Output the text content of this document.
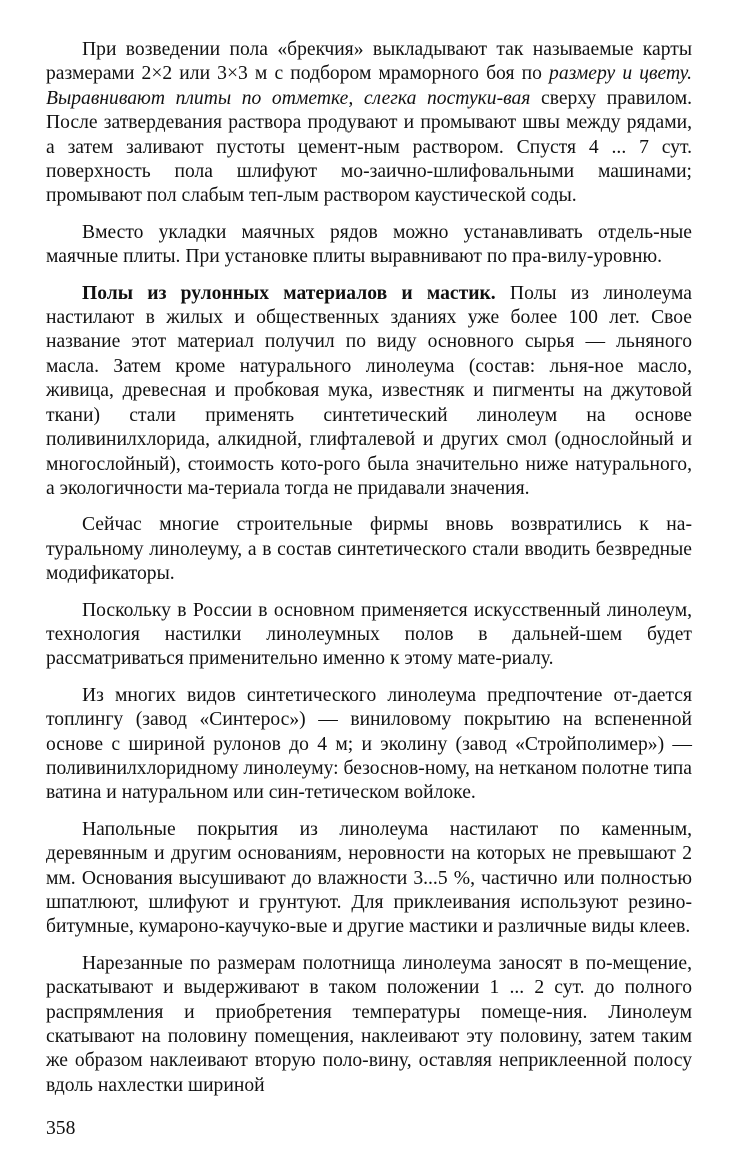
При возведении пола «брекчия» выкладывают так называемые карты размерами 2×2 или 3×3 м с подбором мраморного боя по размеру и цвету. Выравнивают плиты по отметке, слегка постуки-вая сверху правилом. После затвердевания раствора продувают и промывают швы между рядами, а затем заливают пустоты цемент-ным раствором. Спустя 4 ... 7 сут. поверхность пола шлифуют мо-заично-шлифовальными машинами; промывают пол слабым теп-лым раствором каустической соды.

Вместо укладки маячных рядов можно устанавливать отдель-ные маячные плиты. При установке плиты выравнивают по пра-вилу-уровню.

Полы из рулонных материалов и мастик. Полы из линолеума настилают в жилых и общественных зданиях уже более 100 лет. Свое название этот материал получил по виду основного сырья — льняного масла. Затем кроме натурального линолеума (состав: льня-ное масло, живица, древесная и пробковая мука, известняк и пигменты на джутовой ткани) стали применять синтетический линолеум на основе поливинилхлорида, алкидной, глифталевой и других смол (однослойный и многослойный), стоимость кото-рого была значительно ниже натурального, а экологичности ма-териала тогда не придавали значения.

Сейчас многие строительные фирмы вновь возвратились к на-туральному линолеуму, а в состав синтетического стали вводить безвредные модификаторы.

Поскольку в России в основном применяется искусственный линолеум, технология настилки линолеумных полов в дальней-шем будет рассматриваться применительно именно к этому мате-риалу.

Из многих видов синтетического линолеума предпочтение от-дается топлингу (завод «Синтерос») — виниловому покрытию на вспененной основе с шириной рулонов до 4 м; и эколину (завод «Стройполимер») — поливинилхлоридному линолеуму: безоснов-ному, на нетканом полотне типа ватина и натуральном или син-тетическом войлоке.

Напольные покрытия из линолеума настилают по каменным, деревянным и другим основаниям, неровности на которых не превышают 2 мм. Основания высушивают до влажности 3...5 %, частично или полностью шпатлюют, шлифуют и грунтуют. Для приклеивания используют резино-битумные, кумароно-каучуко-вые и другие мастики и различные виды клеев.

Нарезанные по размерам полотнища линолеума заносят в по-мещение, раскатывают и выдерживают в таком положении 1 ... 2 сут. до полного распрямления и приобретения температуры помеще-ния. Линолеум скатывают на половину помещения, наклеивают эту половину, затем таким же образом наклеивают вторую поло-вину, оставляя неприклеенной полосу вдоль нахлестки шириной

358
